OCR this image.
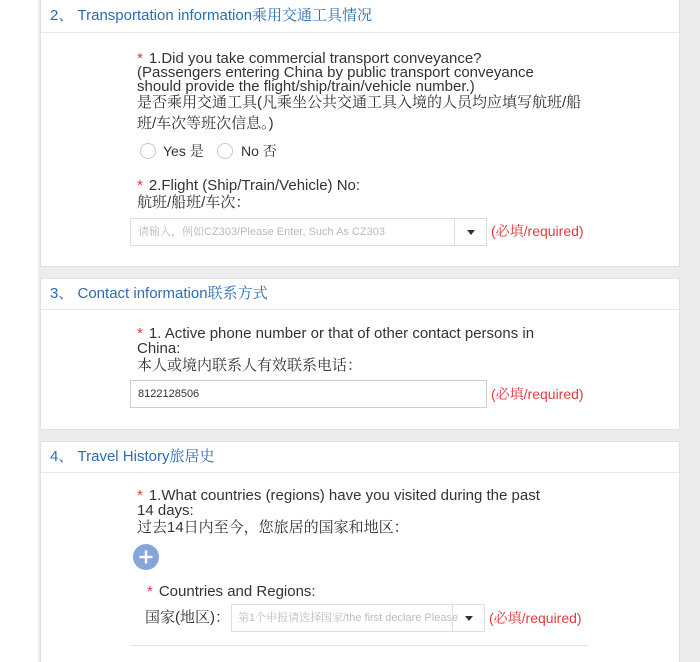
2、 Transportation information乘用交通工具情况
* 1.Did you take commercial transport conveyance?
(Passengers entering China by public transport conveyance
should provide the flight/ship/train/vehicle number.)
是否乘用交通工具(凡乘坐公共交通工具入境的人员均应填写航班/船
班/车次等班次信息。)
Yes 是	No 否
* 2.Flight (Ship/Train/Vehicle) No:
航班/船班/车次：
请输入，例如CZ303/Please Enter, Such As CZ303
(必填/required)
3、 Contact information联系方式
* 1. Active phone number or that of other contact persons in
China:
本人或境内联系人有效联系电话：
8122128506
(必填/required)
4、 Travel History旅居史
* 1.What countries (regions) have you visited during the past
14 days:
过去14日内至今，您旅居的国家和地区：
* Countries and Regions:
国家(地区)： 第1个申报请选择国家/the first declare Please (必填/required)
